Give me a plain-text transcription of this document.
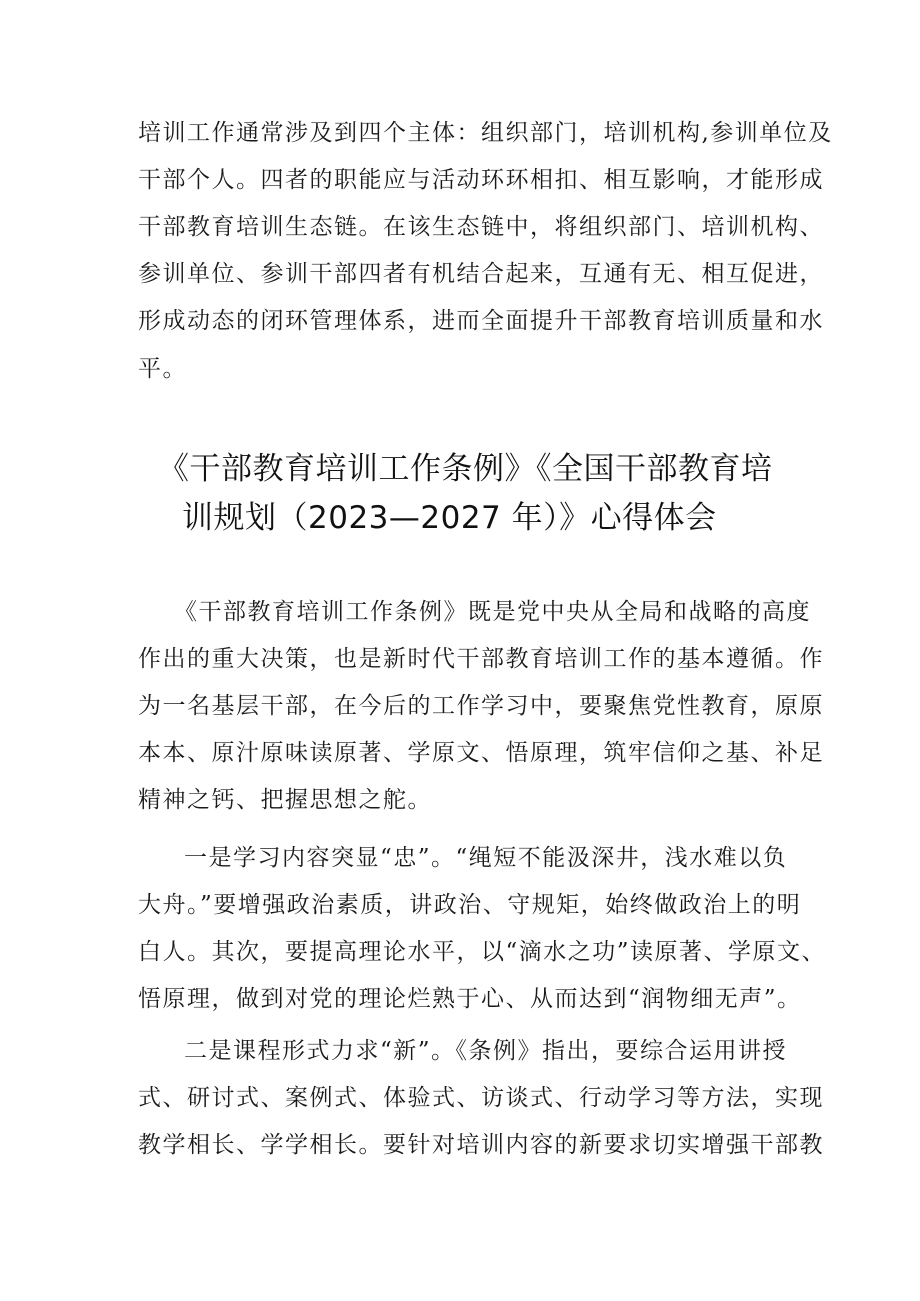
培训工作通常涉及到四个主体：组织部门，培训机构,参训单位及
干部个人。四者的职能应与活动环环相扣、相互影响，才能形成
干部教育培训生态链。在该生态链中，将组织部门、培训机构、
参训单位、参训干部四者有机结合起来，互通有无、相互促进，
形成动态的闭环管理体系，进而全面提升干部教育培训质量和水
平。
《干部教育培训工作条例》《全国干部教育培
训规划（2023—2027 年）》心得体会
《干部教育培训工作条例》既是党中央从全局和战略的高度
作出的重大决策，也是新时代干部教育培训工作的基本遵循。作
为一名基层干部，在今后的工作学习中，要聚焦党性教育，原原
本本、原汁原味读原著、学原文、悟原理，筑牢信仰之基、补足
精神之钙、把握思想之舵。
一是学习内容突显“忠”。“绳短不能汲深井，浅水难以负
大舟。”要增强政治素质，讲政治、守规矩，始终做政治上的明
白人。其次，要提高理论水平，以“滴水之功”读原著、学原文、
悟原理，做到对党的理论烂熟于心、从而达到“润物细无声”。
二是课程形式力求“新”。《条例》指出，要综合运用讲授
式、研讨式、案例式、体验式、访谈式、行动学习等方法，实现
教学相长、学学相长。要针对培训内容的新要求切实增强干部教
